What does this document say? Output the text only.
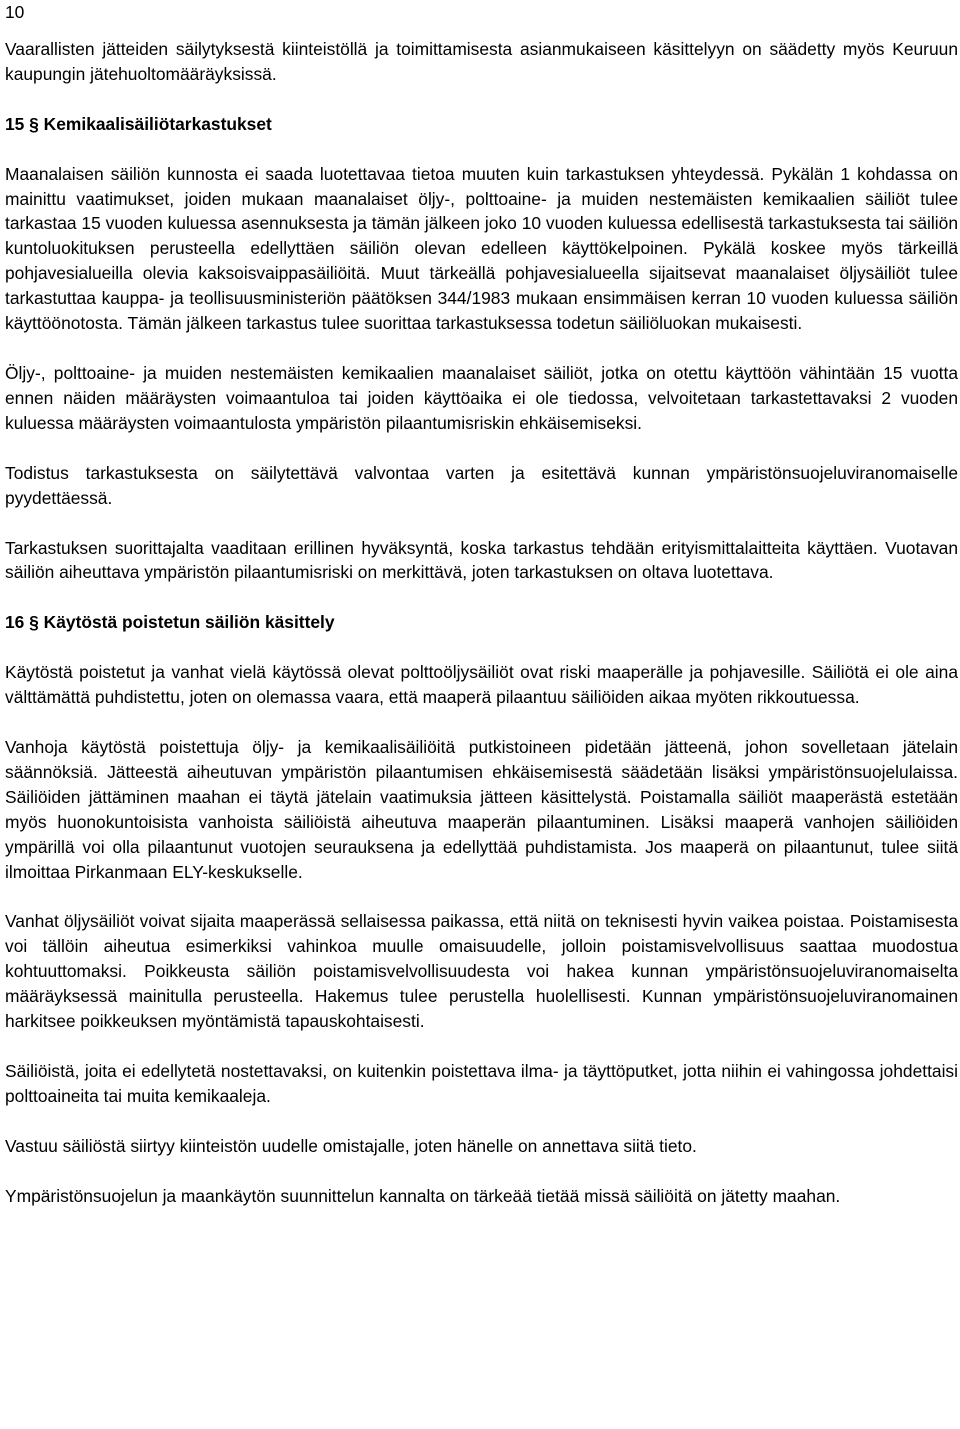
10

Vaarallisten jätteiden säilytyksestä kiinteistöllä ja toimittamisesta asianmukaiseen käsittelyyn on säädetty myös Keuruun kaupungin jätehuoltomääräyksissä.

15 § Kemikaalisäiliötarkastukset

Maanalaisen säiliön kunnosta ei saada luotettavaa tietoa muuten kuin tarkastuksen yhteydessä. Pykälän 1 kohdassa on mainittu vaatimukset, joiden mukaan maanalaiset öljy-, polttoaine- ja muiden nestemäisten kemikaalien säiliöt tulee tarkastaa 15 vuoden kuluessa asennuksesta ja tämän jälkeen joko 10 vuoden kuluessa edellisestä tarkastuksesta tai säiliön kuntoluokituksen perusteella edellyttäen säiliön olevan edelleen käyttökelpoinen. Pykälä koskee myös tärkeillä pohjavesialueilla olevia kaksoisvaippasäiliöitä. Muut tärkeällä pohjavesialueella sijaitsevat maanalaiset öljysäiliöt tulee tarkastuttaa kauppa- ja teollisuusministeriön päätöksen 344/1983 mukaan ensimmäisen kerran 10 vuoden kuluessa säiliön käyttöönotosta. Tämän jälkeen tarkastus tulee suorittaa tarkastuksessa todetun säiliöluokan mukaisesti.

Öljy-, polttoaine- ja muiden nestemäisten kemikaalien maanalaiset säiliöt, jotka on otettu käyttöön vähintään 15 vuotta ennen näiden määräysten voimaantuloa tai joiden käyttöaika ei ole tiedossa, velvoitetaan tarkastettavaksi 2 vuoden kuluessa määräysten voimaantulosta ympäristön pilaantumisriskin ehkäisemiseksi.

Todistus tarkastuksesta on säilytettävä valvontaa varten ja esitettävä kunnan ympäristönsuojeluviranomaiselle pyydettäessä.

Tarkastuksen suorittajalta vaaditaan erillinen hyväksyntä, koska tarkastus tehdään erityismittalaitteita käyttäen. Vuotavan säiliön aiheuttava ympäristön pilaantumisriski on merkittävä, joten tarkastuksen on oltava luotettava.

16 § Käytöstä poistetun säiliön käsittely

Käytöstä poistetut ja vanhat vielä käytössä olevat polttoöljysäiliöt ovat riski maaperälle ja pohjavesille. Säiliötä ei ole aina välttämättä puhdistettu, joten on olemassa vaara, että maaperä pilaantuu säiliöiden aikaa myöten rikkoutuessa.

Vanhoja käytöstä poistettuja öljy- ja kemikaalisäiliöitä putkistoineen pidetään jätteenä, johon sovelletaan jätelain säännöksiä. Jätteestä aiheutuvan ympäristön pilaantumisen ehkäisemisestä säädetään lisäksi ympäristönsuojelulaissa. Säiliöiden jättäminen maahan ei täytä jätelain vaatimuksia jätteen käsittelystä. Poistamalla säiliöt maaperästä estetään myös huonokuntoisista vanhoista säiliöistä aiheutuva maaperän pilaantuminen. Lisäksi maaperä vanhojen säiliöiden ympärillä voi olla pilaantunut vuotojen seurauksena ja edellyttää puhdistamista. Jos maaperä on pilaantunut, tulee siitä ilmoittaa Pirkanmaan ELY-keskukselle.

Vanhat öljysäiliöt voivat sijaita maaperässä sellaisessa paikassa, että niitä on teknisesti hyvin vaikea poistaa. Poistamisesta voi tällöin aiheutua esimerkiksi vahinkoa muulle omaisuudelle, jolloin poistamisvelvollisuus saattaa muodostua kohtuuttomaksi. Poikkeusta säiliön poistamisvelvollisuudesta voi hakea kunnan ympäristönsuojeluviranomaiselta määräyksessä mainitulla perusteella. Hakemus tulee perustella huolellisesti. Kunnan ympäristönsuojeluviranomainen harkitsee poikkeuksen myöntämistä tapauskohtaisesti.

Säiliöistä, joita ei edellytetä nostettavaksi, on kuitenkin poistettava ilma- ja täyttöputket, jotta niihin ei vahingossa johdettaisi polttoaineita tai muita kemikaaleja.

Vastuu säiliöstä siirtyy kiinteistön uudelle omistajalle, joten hänelle on annettava siitä tieto.

Ympäristönsuojelun ja maankäytön suunnittelun kannalta on tärkeää tietää missä säiliöitä on jätetty maahan.
